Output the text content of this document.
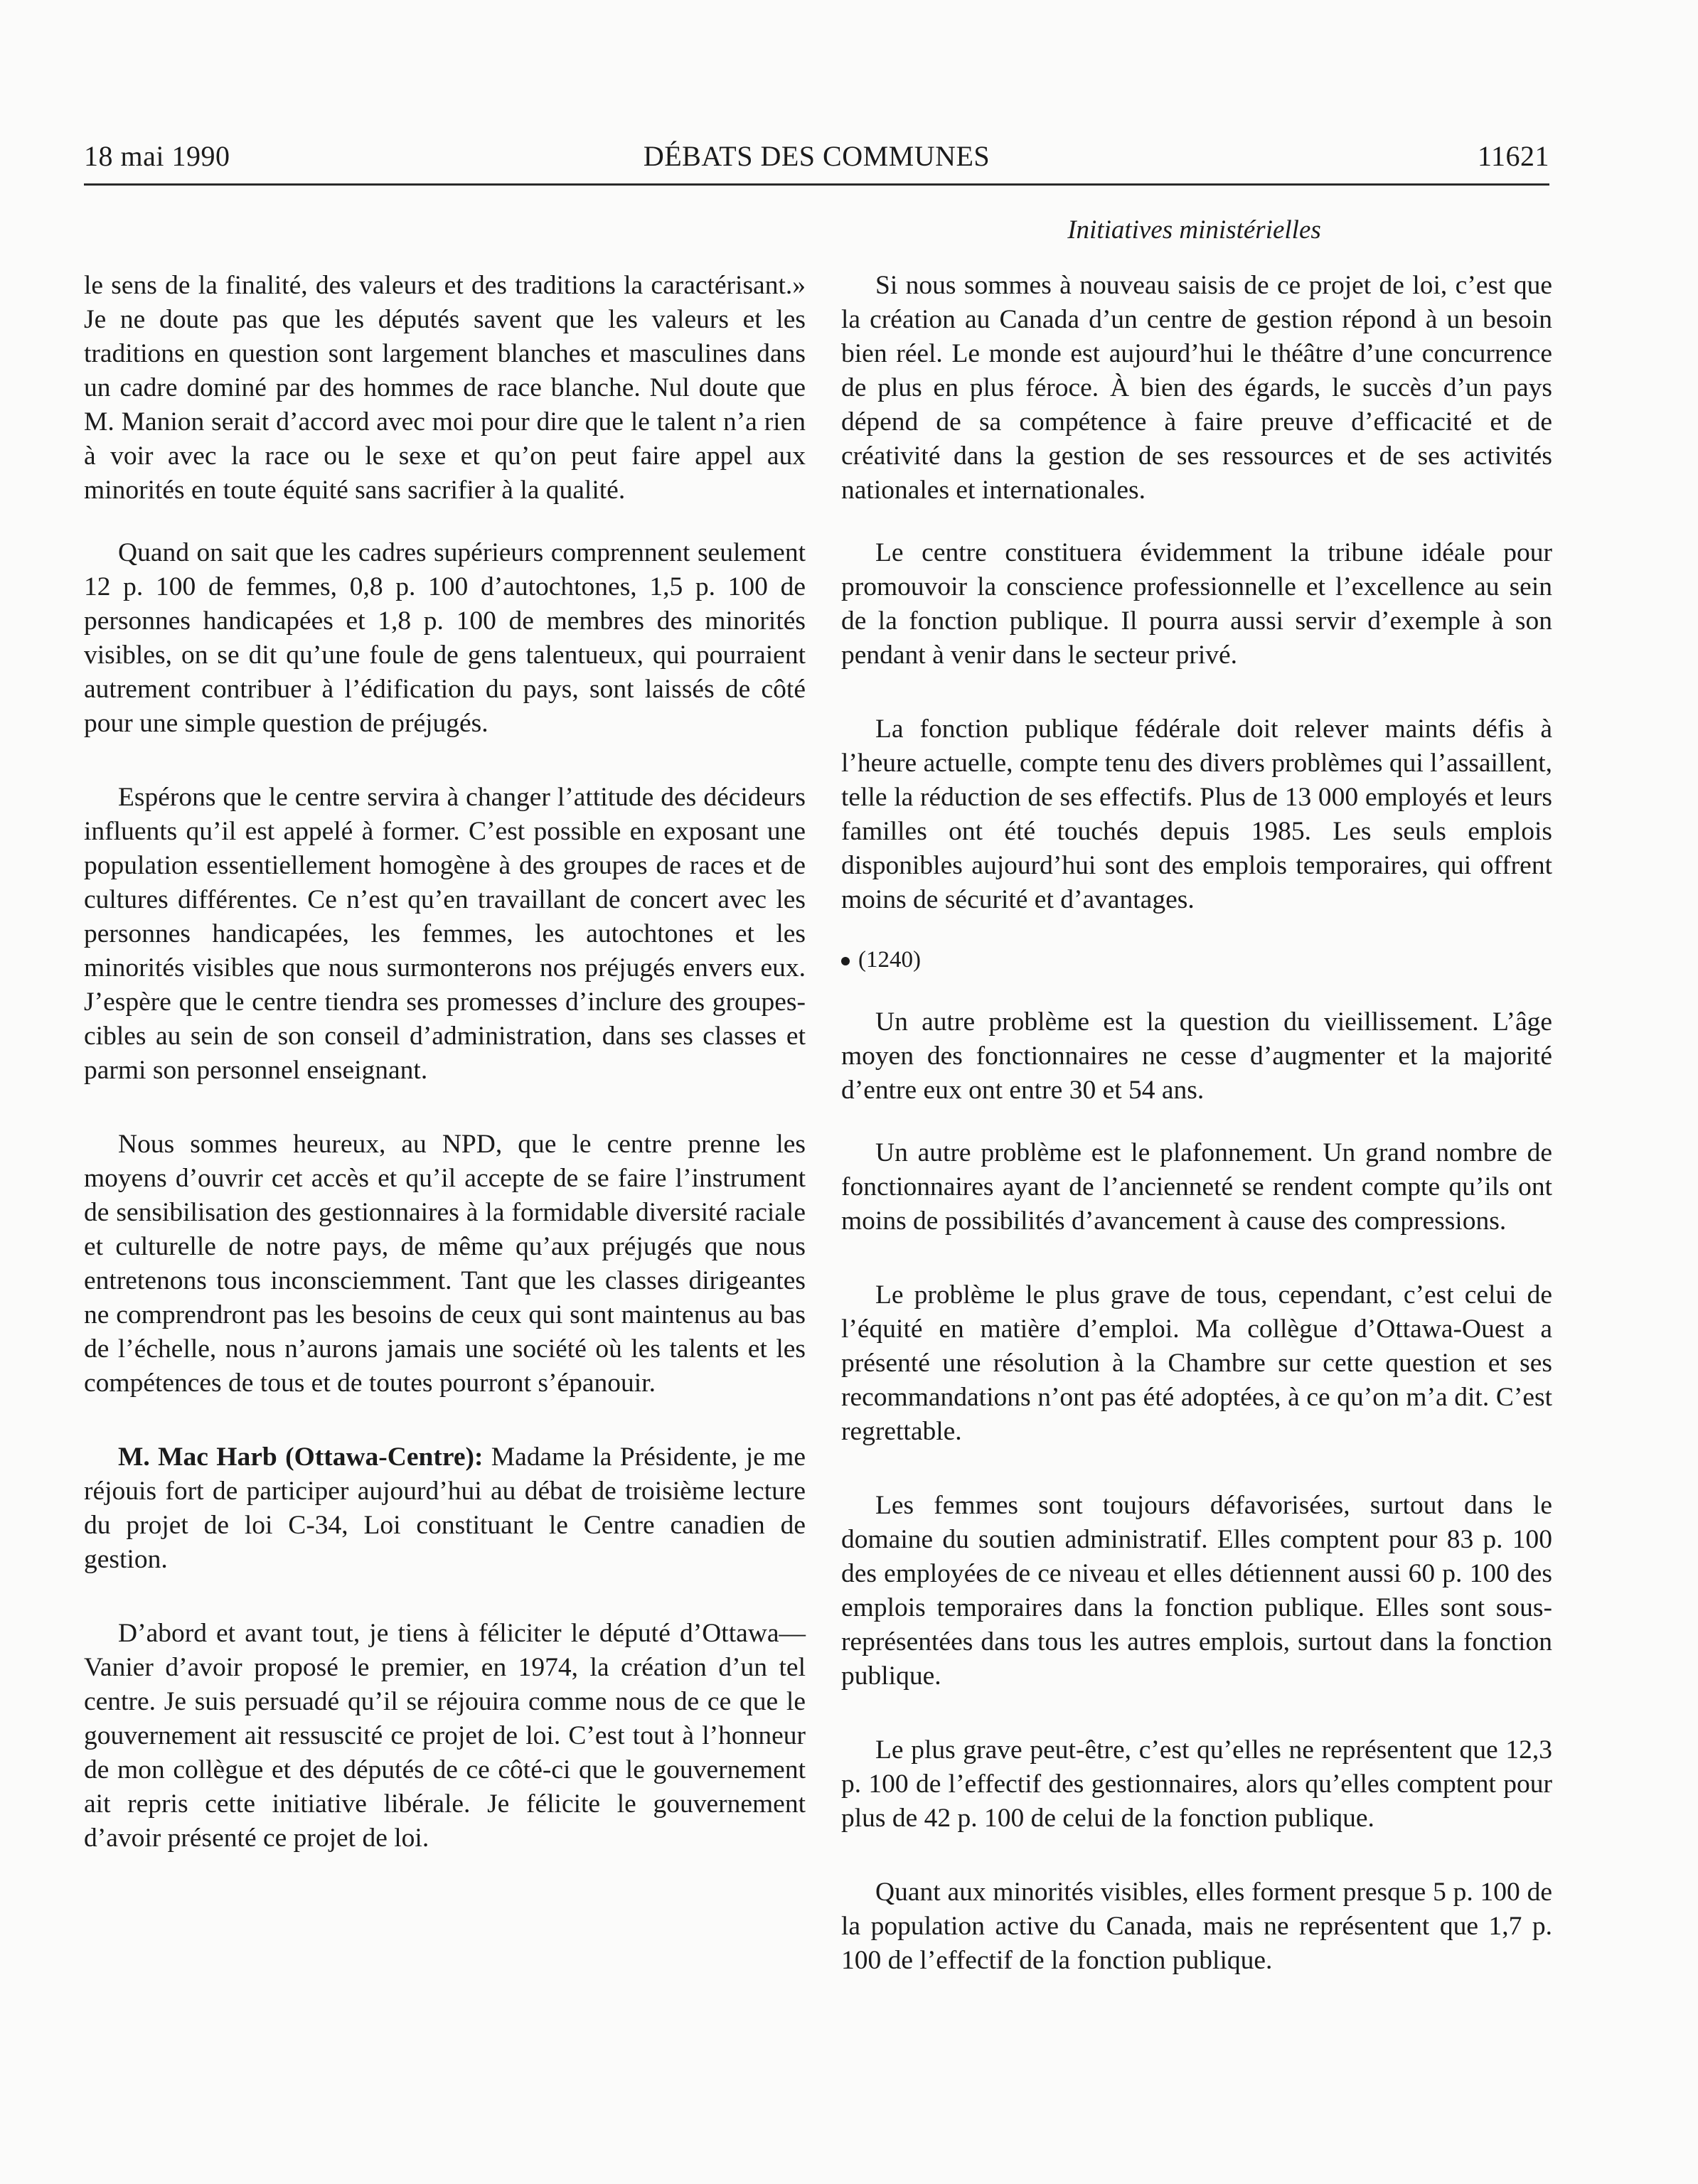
18 mai 1990	DÉBATS DES COMMUNES	11621
Initiatives ministérielles

le sens de la finalité, des valeurs et des traditions la caractérisant.» Je ne doute pas que les députés savent que les valeurs et les traditions en question sont largement blanches et masculines dans un cadre dominé par des hommes de race blanche. Nul doute que M. Manion serait d’accord avec moi pour dire que le talent n’a rien à voir avec la race ou le sexe et qu’on peut faire appel aux minorités en toute équité sans sacrifier à la qualité.

Quand on sait que les cadres supérieurs comprennent seulement 12 p. 100 de femmes, 0,8 p. 100 d’autochtones, 1,5 p. 100 de personnes handicapées et 1,8 p. 100 de membres des minorités visibles, on se dit qu’une foule de gens talentueux, qui pourraient autrement contribuer à l’édification du pays, sont laissés de côté pour une simple question de préjugés.

Espérons que le centre servira à changer l’attitude des décideurs influents qu’il est appelé à former. C’est possible en exposant une population essentiellement homogène à des groupes de races et de cultures différentes. Ce n’est qu’en travaillant de concert avec les personnes handicapées, les femmes, les autochtones et les minorités visibles que nous surmonterons nos préjugés envers eux. J’espère que le centre tiendra ses promesses d’inclure des groupes-cibles au sein de son conseil d’administration, dans ses classes et parmi son personnel enseignant.

Nous sommes heureux, au NPD, que le centre prenne les moyens d’ouvrir cet accès et qu’il accepte de se faire l’instrument de sensibilisation des gestionnaires à la formidable diversité raciale et culturelle de notre pays, de même qu’aux préjugés que nous entretenons tous inconsciemment. Tant que les classes dirigeantes ne comprendront pas les besoins de ceux qui sont maintenus au bas de l’échelle, nous n’aurons jamais une société où les talents et les compétences de tous et de toutes pourront s’épanouir.

M. Mac Harb (Ottawa-Centre): Madame la Présidente, je me réjouis fort de participer aujourd’hui au débat de troisième lecture du projet de loi C-34, Loi constituant le Centre canadien de gestion.

D’abord et avant tout, je tiens à féliciter le député d’Ottawa—Vanier d’avoir proposé le premier, en 1974, la création d’un tel centre. Je suis persuadé qu’il se réjouira comme nous de ce que le gouvernement ait ressuscité ce projet de loi. C’est tout à l’honneur de mon collègue et des députés de ce côté-ci que le gouvernement ait repris cette initiative libérale. Je félicite le gouvernement d’avoir présenté ce projet de loi.

Si nous sommes à nouveau saisis de ce projet de loi, c’est que la création au Canada d’un centre de gestion répond à un besoin bien réel. Le monde est aujourd’hui le théâtre d’une concurrence de plus en plus féroce. À bien des égards, le succès d’un pays dépend de sa compétence à faire preuve d’efficacité et de créativité dans la gestion de ses ressources et de ses activités nationales et internationales.

Le centre constituera évidemment la tribune idéale pour promouvoir la conscience professionnelle et l’excellence au sein de la fonction publique. Il pourra aussi servir d’exemple à son pendant à venir dans le secteur privé.

La fonction publique fédérale doit relever maints défis à l’heure actuelle, compte tenu des divers problèmes qui l’assaillent, telle la réduction de ses effectifs. Plus de 13 000 employés et leurs familles ont été touchés depuis 1985. Les seuls emplois disponibles aujourd’hui sont des emplois temporaires, qui offrent moins de sécurité et d’avantages.

(1240)

Un autre problème est la question du vieillissement. L’âge moyen des fonctionnaires ne cesse d’augmenter et la majorité d’entre eux ont entre 30 et 54 ans.

Un autre problème est le plafonnement. Un grand nombre de fonctionnaires ayant de l’ancienneté se rendent compte qu’ils ont moins de possibilités d’avancement à cause des compressions.

Le problème le plus grave de tous, cependant, c’est celui de l’équité en matière d’emploi. Ma collègue d’Ottawa-Ouest a présenté une résolution à la Chambre sur cette question et ses recommandations n’ont pas été adoptées, à ce qu’on m’a dit. C’est regrettable.

Les femmes sont toujours défavorisées, surtout dans le domaine du soutien administratif. Elles comptent pour 83 p. 100 des employées de ce niveau et elles détiennent aussi 60 p. 100 des emplois temporaires dans la fonction publique. Elles sont sous-représentées dans tous les autres emplois, surtout dans la fonction publique.

Le plus grave peut-être, c’est qu’elles ne représentent que 12,3 p. 100 de l’effectif des gestionnaires, alors qu’elles comptent pour plus de 42 p. 100 de celui de la fonction publique.

Quant aux minorités visibles, elles forment presque 5 p. 100 de la population active du Canada, mais ne représentent que 1,7 p. 100 de l’effectif de la fonction publique.
